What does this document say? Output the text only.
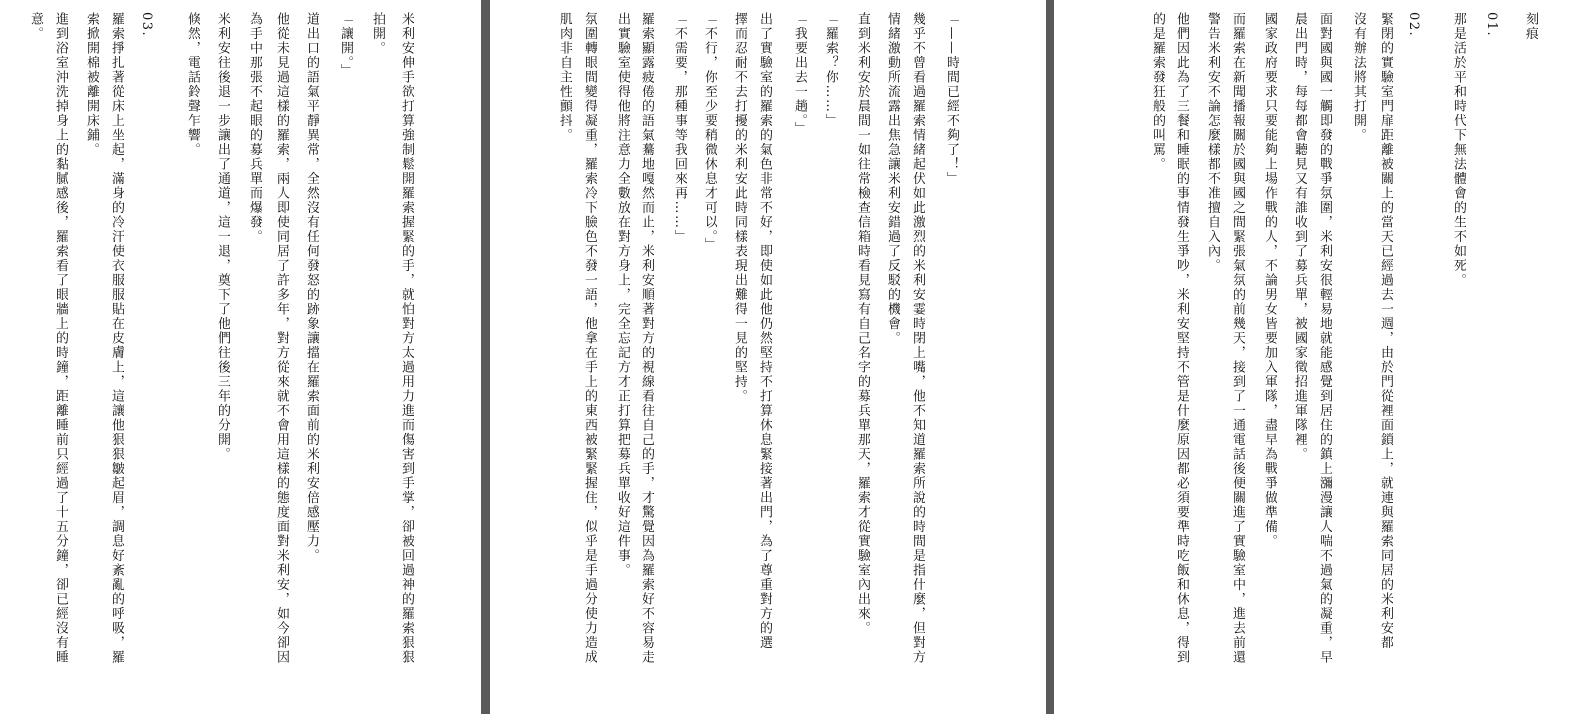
米利安伸手欲打算強制鬆開羅索握緊的手，就怕對方太過用力進而傷害到手掌，卻被回過神的羅索狠狠
拍開。
「讓開。」
道出口的語氣平靜異常，全然沒有任何發怒的跡象讓擋在羅索面前的米利安倍感壓力。
他從未見過這樣的羅索，兩人即使同居了許多年，對方從來就不會用這樣的態度面對米利安，如今卻因
為手中那張不起眼的募兵單而爆發。
米利安往後退一步讓出了通道，這一退，奠下了他們往後三年的分開。
倏然，電話鈴聲乍響。
03.
羅索掙扎著從床上坐起，滿身的冷汗使衣服服貼在皮膚上，這讓他狠狠皺起眉，調息好紊亂的呼吸，羅
索掀開棉被離開床鋪。
進到浴室沖洗掉身上的黏膩感後，羅索看了眼牆上的時鐘，距離睡前只經過了十五分鐘，卻已經沒有睡
意。	「——時間已經不夠了！」
幾乎不曾看過羅索情緒起伏如此激烈的米利安霎時閉上嘴，他不知道羅索所說的時間是指什麼，但對方
情緒激動所流露出焦急讓米利安錯過了反駁的機會。
直到米利安於晨間一如往常檢查信箱時看見寫有自己名字的募兵單那天，羅索才從實驗室內出來。
「羅索？你……」
「我要出去一趟。」
出了實驗室的羅索的氣色非常不好，即使如此他仍然堅持不打算休息緊接著出門，為了尊重對方的選
擇而忍耐不去打擾的米利安此時同樣表現出難得一見的堅持。
「不行，你至少要稍微休息才可以。」
「不需要，那種事等我回來再……」
羅索顯露疲倦的語氣驀地嘎然而止，米利安順著對方的視線看往自己的手，才驚覺因為羅索好不容易走
出實驗室使得他將注意力全數放在對方身上，完全忘記方才正打算把募兵單收好這件事。
氛圍轉眼間變得凝重，羅索冷下臉色不發一語，他拿在手上的東西被緊緊握住，似乎是手過分使力造成
肌肉非自主性顫抖。	刻痕
01.
那是活於平和時代下無法體會的生不如死。
02.
緊閉的實驗室門扉距離被關上的當天已經過去一週，由於門從裡面鎖上，就連與羅索同居的米利安都
沒有辦法將其打開。
面對國與國一觸即發的戰爭氛圍，米利安很輕易地就能感覺到居住的鎮上瀰漫讓人喘不過氣的凝重，早
晨出門時，每每都會聽見又有誰收到了募兵單，被國家徵招進軍隊裡。
國家政府要求只要能夠上場作戰的人，不論男女皆要加入軍隊，盡早為戰爭做準備。
而羅索在新聞播報關於國與國之間緊張氣氛的前幾天，接到了一通電話後便關進了實驗室中，進去前還
警告米利安不論怎麼樣都不准擅自入內。
他們因此為了三餐和睡眠的事情發生爭吵，米利安堅持不管是什麼原因都必須要準時吃飯和休息，得到
的是羅索發狂般的叫罵。
